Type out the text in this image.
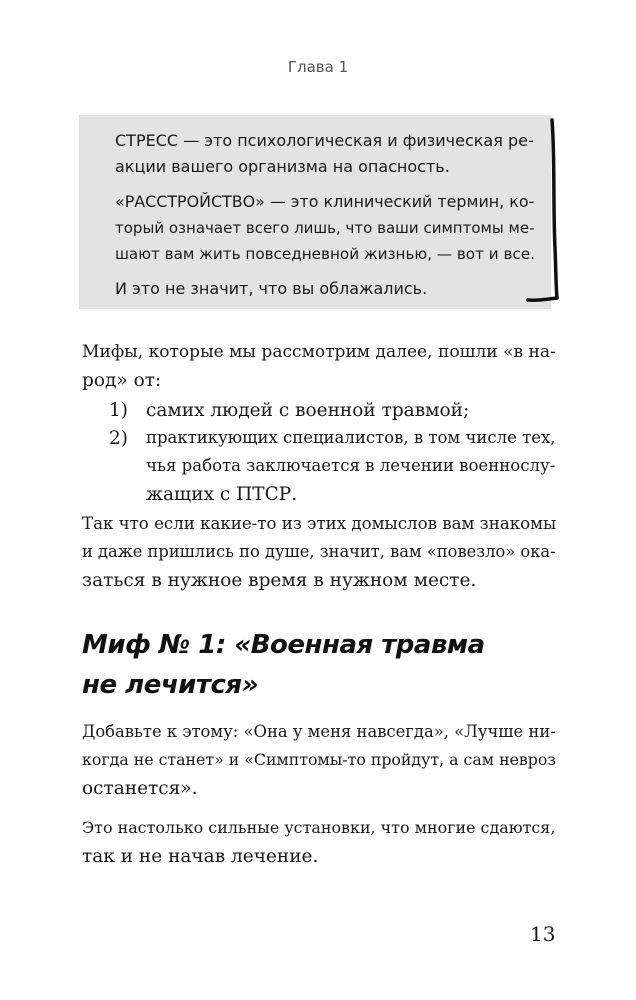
Глава 1
СТРЕСС — это психологическая и физическая ре-
акции вашего организма на опасность.
«РАССТРОЙСТВО» — это клинический термин, ко-
торый означает всего лишь, что ваши симптомы ме-
шают вам жить повседневной жизнью, — вот и все.
И это не значит, что вы облажались.
Мифы, которые мы рассмотрим далее, пошли «в на-
род» от:
1) самих людей с военной травмой;
2) практикующих специалистов, в том числе тех,
чья работа заключается в лечении военнослу-
жащих с ПТСР.
Так что если какие-то из этих домыслов вам знакомы
и даже пришлись по душе, значит, вам «повезло» ока-
заться в нужное время в нужном месте.
Миф № 1: «Военная травма
не лечится»
Добавьте к этому: «Она у меня навсегда», «Лучше ни-
когда не станет» и «Симптомы-то пройдут, а сам невроз
останется».
Это настолько сильные установки, что многие сдаются,
так и не начав лечение.
13
